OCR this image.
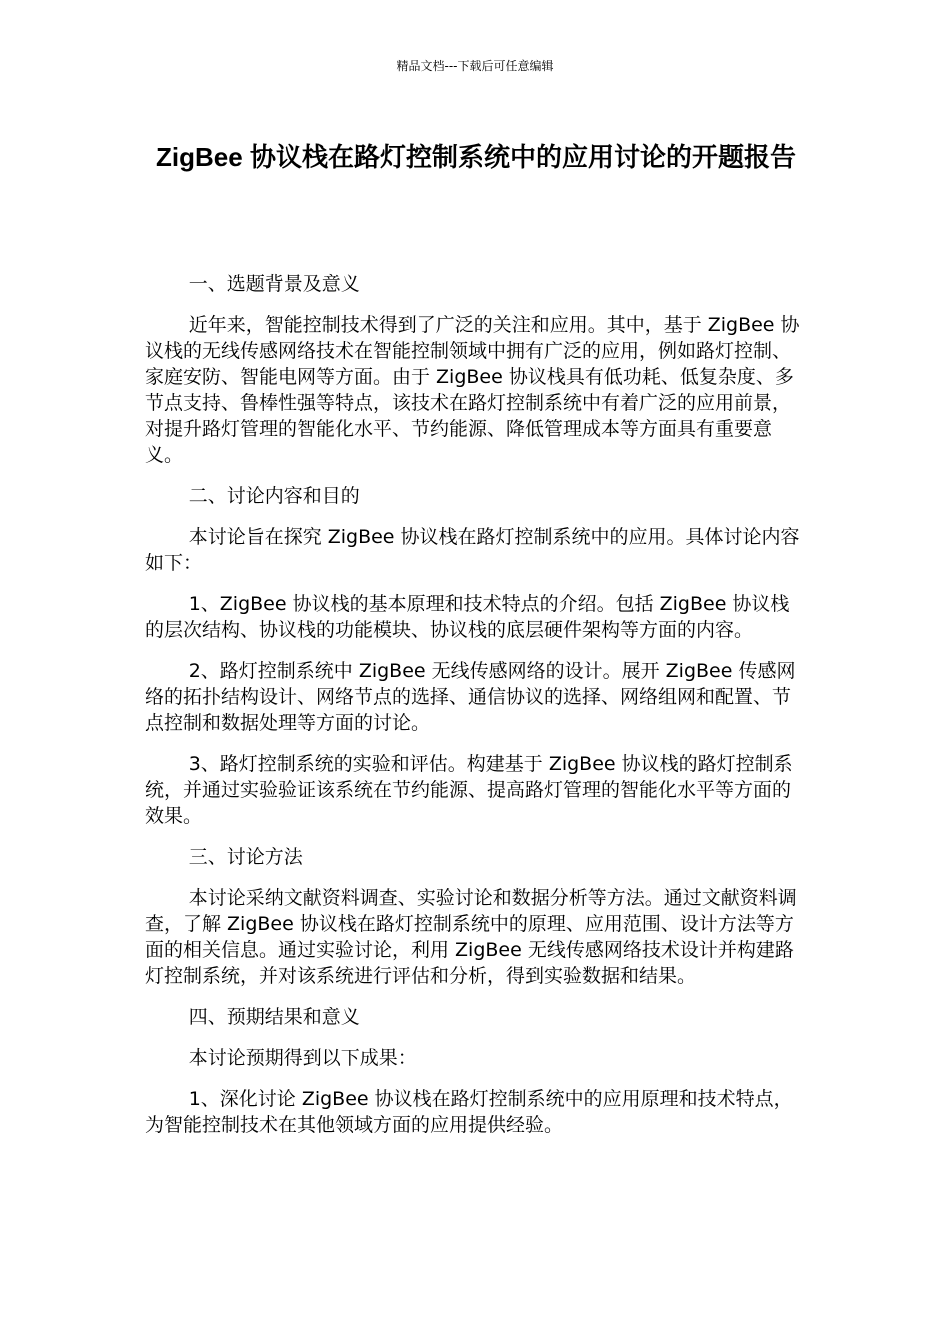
精品文档---下载后可任意编辑
ZigBee 协议栈在路灯控制系统中的应用讨论的开题报告

一、选题背景及意义

近年来，智能控制技术得到了广泛的关注和应用。其中，基于 ZigBee 协议栈的无线传感网络技术在智能控制领域中拥有广泛的应用，例如路灯控制、家庭安防、智能电网等方面。由于 ZigBee 协议栈具有低功耗、低复杂度、多节点支持、鲁棒性强等特点，该技术在路灯控制系统中有着广泛的应用前景，对提升路灯管理的智能化水平、节约能源、降低管理成本等方面具有重要意义。

二、讨论内容和目的

本讨论旨在探究 ZigBee 协议栈在路灯控制系统中的应用。具体讨论内容如下：

1、ZigBee 协议栈的基本原理和技术特点的介绍。包括 ZigBee 协议栈的层次结构、协议栈的功能模块、协议栈的底层硬件架构等方面的内容。

2、路灯控制系统中 ZigBee 无线传感网络的设计。展开 ZigBee 传感网络的拓扑结构设计、网络节点的选择、通信协议的选择、网络组网和配置、节点控制和数据处理等方面的讨论。

3、路灯控制系统的实验和评估。构建基于 ZigBee 协议栈的路灯控制系统，并通过实验验证该系统在节约能源、提高路灯管理的智能化水平等方面的效果。

三、讨论方法

本讨论采纳文献资料调查、实验讨论和数据分析等方法。通过文献资料调查，了解 ZigBee 协议栈在路灯控制系统中的原理、应用范围、设计方法等方面的相关信息。通过实验讨论，利用 ZigBee 无线传感网络技术设计并构建路灯控制系统，并对该系统进行评估和分析，得到实验数据和结果。

四、预期结果和意义

本讨论预期得到以下成果：

1、深化讨论 ZigBee 协议栈在路灯控制系统中的应用原理和技术特点，为智能控制技术在其他领域方面的应用提供经验。
